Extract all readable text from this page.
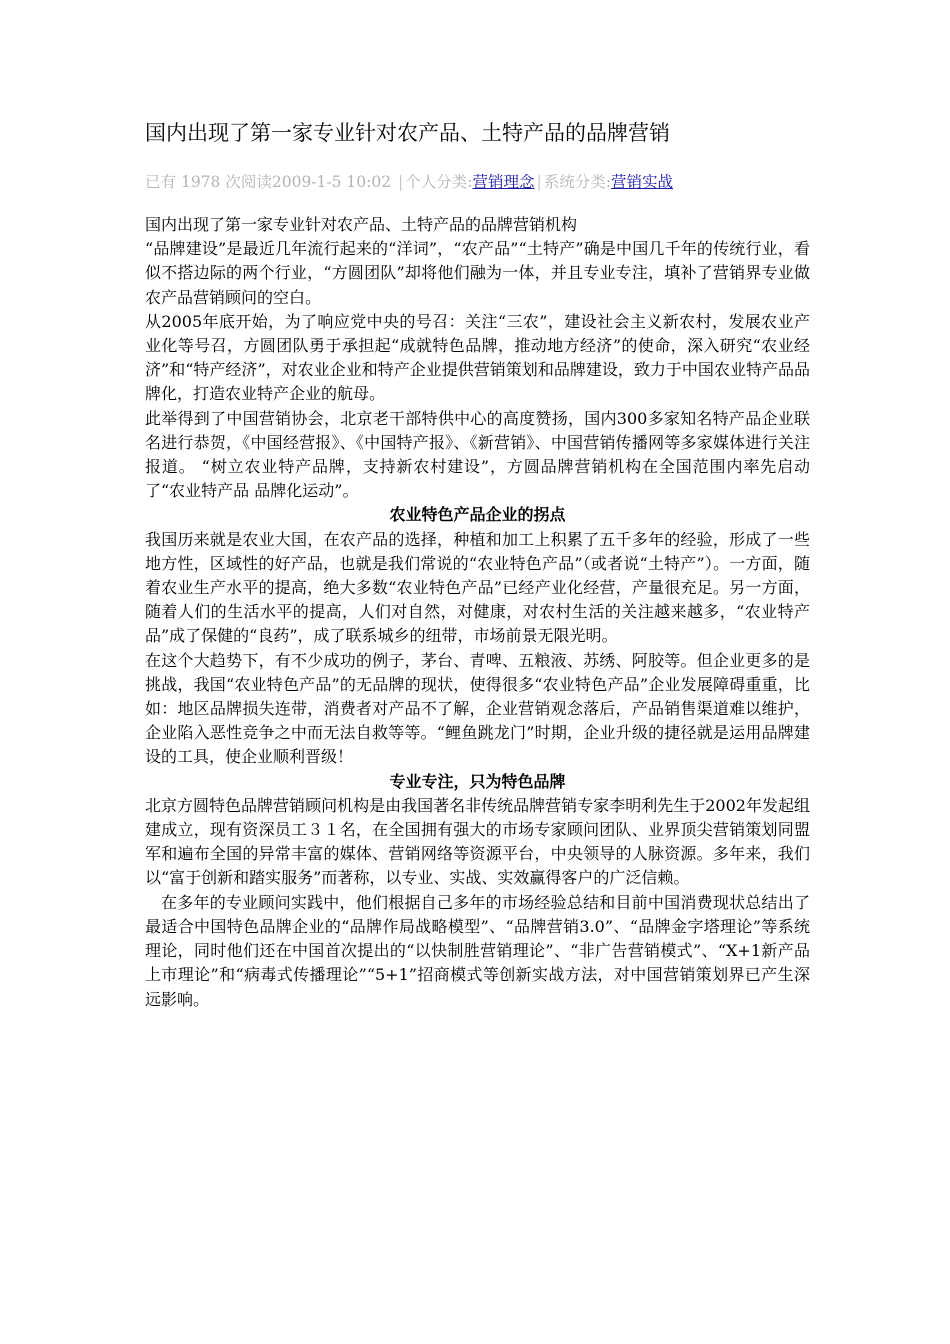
国内出现了第一家专业针对农产品、土特产品的品牌营销
已有 1978 次阅读2009-1-5 10:02 | 个人分类:营销理念 | 系统分类:营销实战

国内出现了第一家专业针对农产品、土特产品的品牌营销机构

“品牌建设”是最近几年流行起来的“洋词”，“农产品”“土特产”确是中国几千年的传统行业，看似不搭边际的两个行业，“方圆团队”却将他们融为一体，并且专业专注，填补了营销界专业做农产品营销顾问的空白。

从2005年底开始，为了响应党中央的号召：关注“三农”，建设社会主义新农村，发展农业产业化等号召，方圆团队勇于承担起“成就特色品牌，推动地方经济”的使命，深入研究“农业经济”和“特产经济”，对农业企业和特产企业提供营销策划和品牌建设，致力于中国农业特产品品牌化，打造农业特产企业的航母。

此举得到了中国营销协会，北京老干部特供中心的高度赞扬，国内300多家知名特产品企业联名进行恭贺，《中国经营报》、《中国特产报》、《新营销》、中国营销传播网等多家媒体进行关注报道。 “树立农业特产品牌，支持新农村建设”，方圆品牌营销机构在全国范围内率先启动了“农业特产品 品牌化运动”。

农业特色产品企业的拐点

我国历来就是农业大国，在农产品的选择，种植和加工上积累了五千多年的经验，形成了一些地方性，区域性的好产品，也就是我们常说的“农业特色产品”（或者说“土特产”）。一方面，随着农业生产水平的提高，绝大多数“农业特色产品”已经产业化经营，产量很充足。另一方面，随着人们的生活水平的提高，人们对自然，对健康，对农村生活的关注越来越多，“农业特产品”成了保健的“良药”，成了联系城乡的纽带，市场前景无限光明。

在这个大趋势下，有不少成功的例子，茅台、青啤、五粮液、苏绣、阿胶等。但企业更多的是挑战，我国“农业特色产品”的无品牌的现状，使得很多“农业特色产品”企业发展障碍重重，比如：地区品牌损失连带，消费者对产品不了解，企业营销观念落后，产品销售渠道难以维护，企业陷入恶性竞争之中而无法自救等等。“鲤鱼跳龙门”时期，企业升级的捷径就是运用品牌建设的工具，使企业顺利晋级！

专业专注，只为特色品牌

北京方圆特色品牌营销顾问机构是由我国著名非传统品牌营销专家李明利先生于2002年发起组建成立，现有资深员工３１名，在全国拥有强大的市场专家顾问团队、业界顶尖营销策划同盟军和遍布全国的异常丰富的媒体、营销网络等资源平台，中央领导的人脉资源。多年来，我们以“富于创新和踏实服务”而著称，以专业、实战、实效赢得客户的广泛信赖。

在多年的专业顾问实践中，他们根据自己多年的市场经验总结和目前中国消费现状总结出了最适合中国特色品牌企业的“品牌作局战略模型”、“品牌营销3.0”、“品牌金字塔理论”等系统理论，同时他们还在中国首次提出的“以快制胜营销理论”、“非广告营销模式”、“X+1新产品上市理论”和“病毒式传播理论”“5+1”招商模式等创新实战方法，对中国营销策划界已产生深远影响。
